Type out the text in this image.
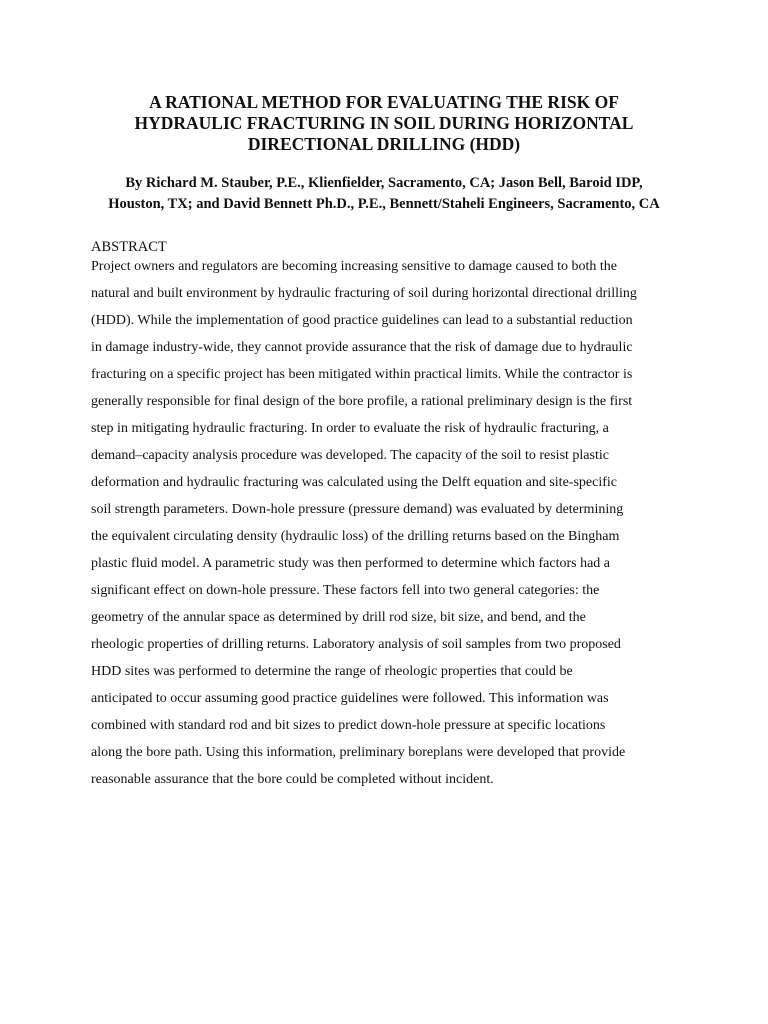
A RATIONAL METHOD FOR EVALUATING THE RISK OF
HYDRAULIC FRACTURING IN SOIL DURING HORIZONTAL
DIRECTIONAL DRILLING (HDD)

By Richard M. Stauber, P.E., Klienfielder, Sacramento, CA; Jason Bell, Baroid IDP,
Houston, TX; and David Bennett Ph.D., P.E., Bennett/Staheli Engineers, Sacramento, CA

ABSTRACT
Project owners and regulators are becoming increasing sensitive to damage caused to both the
natural and built environment by hydraulic fracturing of soil during horizontal directional drilling
(HDD). While the implementation of good practice guidelines can lead to a substantial reduction
in damage industry-wide, they cannot provide assurance that the risk of damage due to hydraulic
fracturing on a specific project has been mitigated within practical limits. While the contractor is
generally responsible for final design of the bore profile, a rational preliminary design is the first
step in mitigating hydraulic fracturing. In order to evaluate the risk of hydraulic fracturing, a
demand–capacity analysis procedure was developed. The capacity of the soil to resist plastic
deformation and hydraulic fracturing was calculated using the Delft equation and site-specific
soil strength parameters. Down-hole pressure (pressure demand) was evaluated by determining
the equivalent circulating density (hydraulic loss) of the drilling returns based on the Bingham
plastic fluid model. A parametric study was then performed to determine which factors had a
significant effect on down-hole pressure. These factors fell into two general categories: the
geometry of the annular space as determined by drill rod size, bit size, and bend, and the
rheologic properties of drilling returns. Laboratory analysis of soil samples from two proposed
HDD sites was performed to determine the range of rheologic properties that could be
anticipated to occur assuming good practice guidelines were followed. This information was
combined with standard rod and bit sizes to predict down-hole pressure at specific locations
along the bore path. Using this information, preliminary boreplans were developed that provide
reasonable assurance that the bore could be completed without incident.
